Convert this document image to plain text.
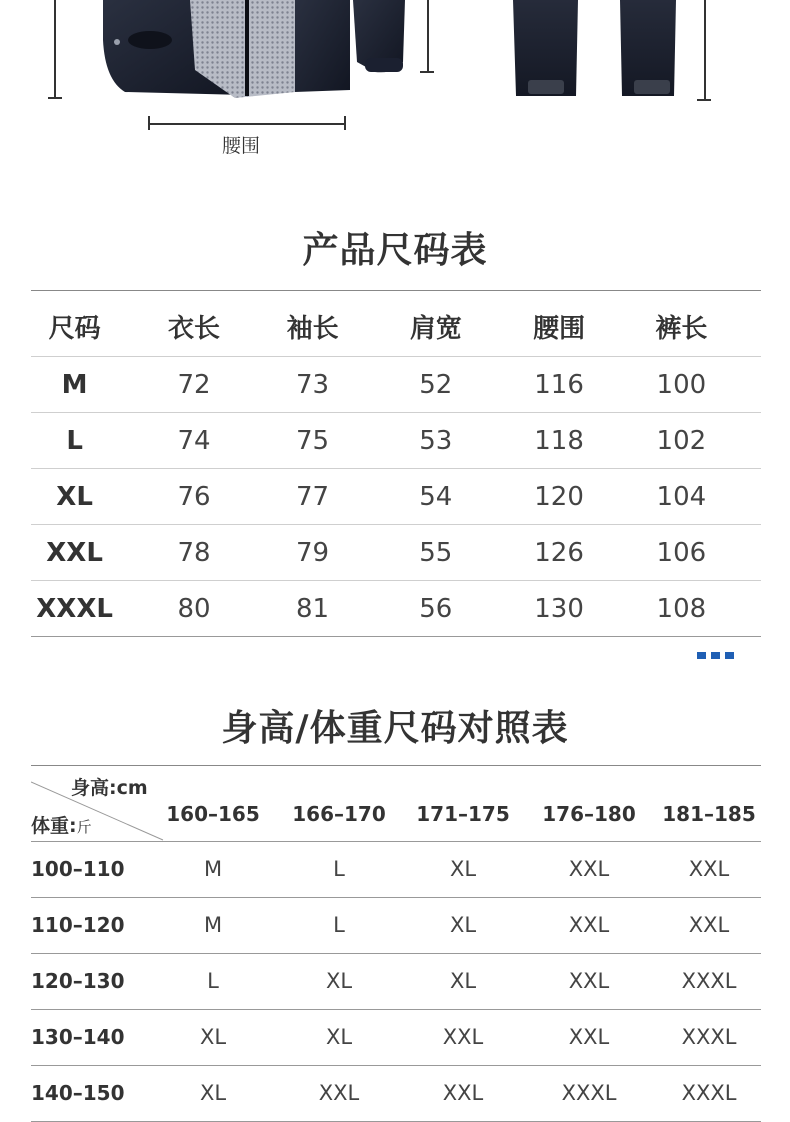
腰围
产品尺码表
尺码	衣长	袖长	肩宽	腰围	裤长
M	72	73	52	116	100
L	74	75	53	118	102
XL	76	77	54	120	104
XXL	78	79	55	126	106
XXXL	80	81	56	130	108
身高/体重尺码对照表
身高:cm
体重:斤
160–165 166–170 171–175 176–180 181–185
100–110	M	L	XL	XXL	XXL
110–120	M	L	XL	XXL	XXL
120–130	L	XL	XL	XXL	XXXL
130–140	XL	XL	XXL	XXL	XXXL
140–150	XL	XXL	XXL	XXXL	XXXL
